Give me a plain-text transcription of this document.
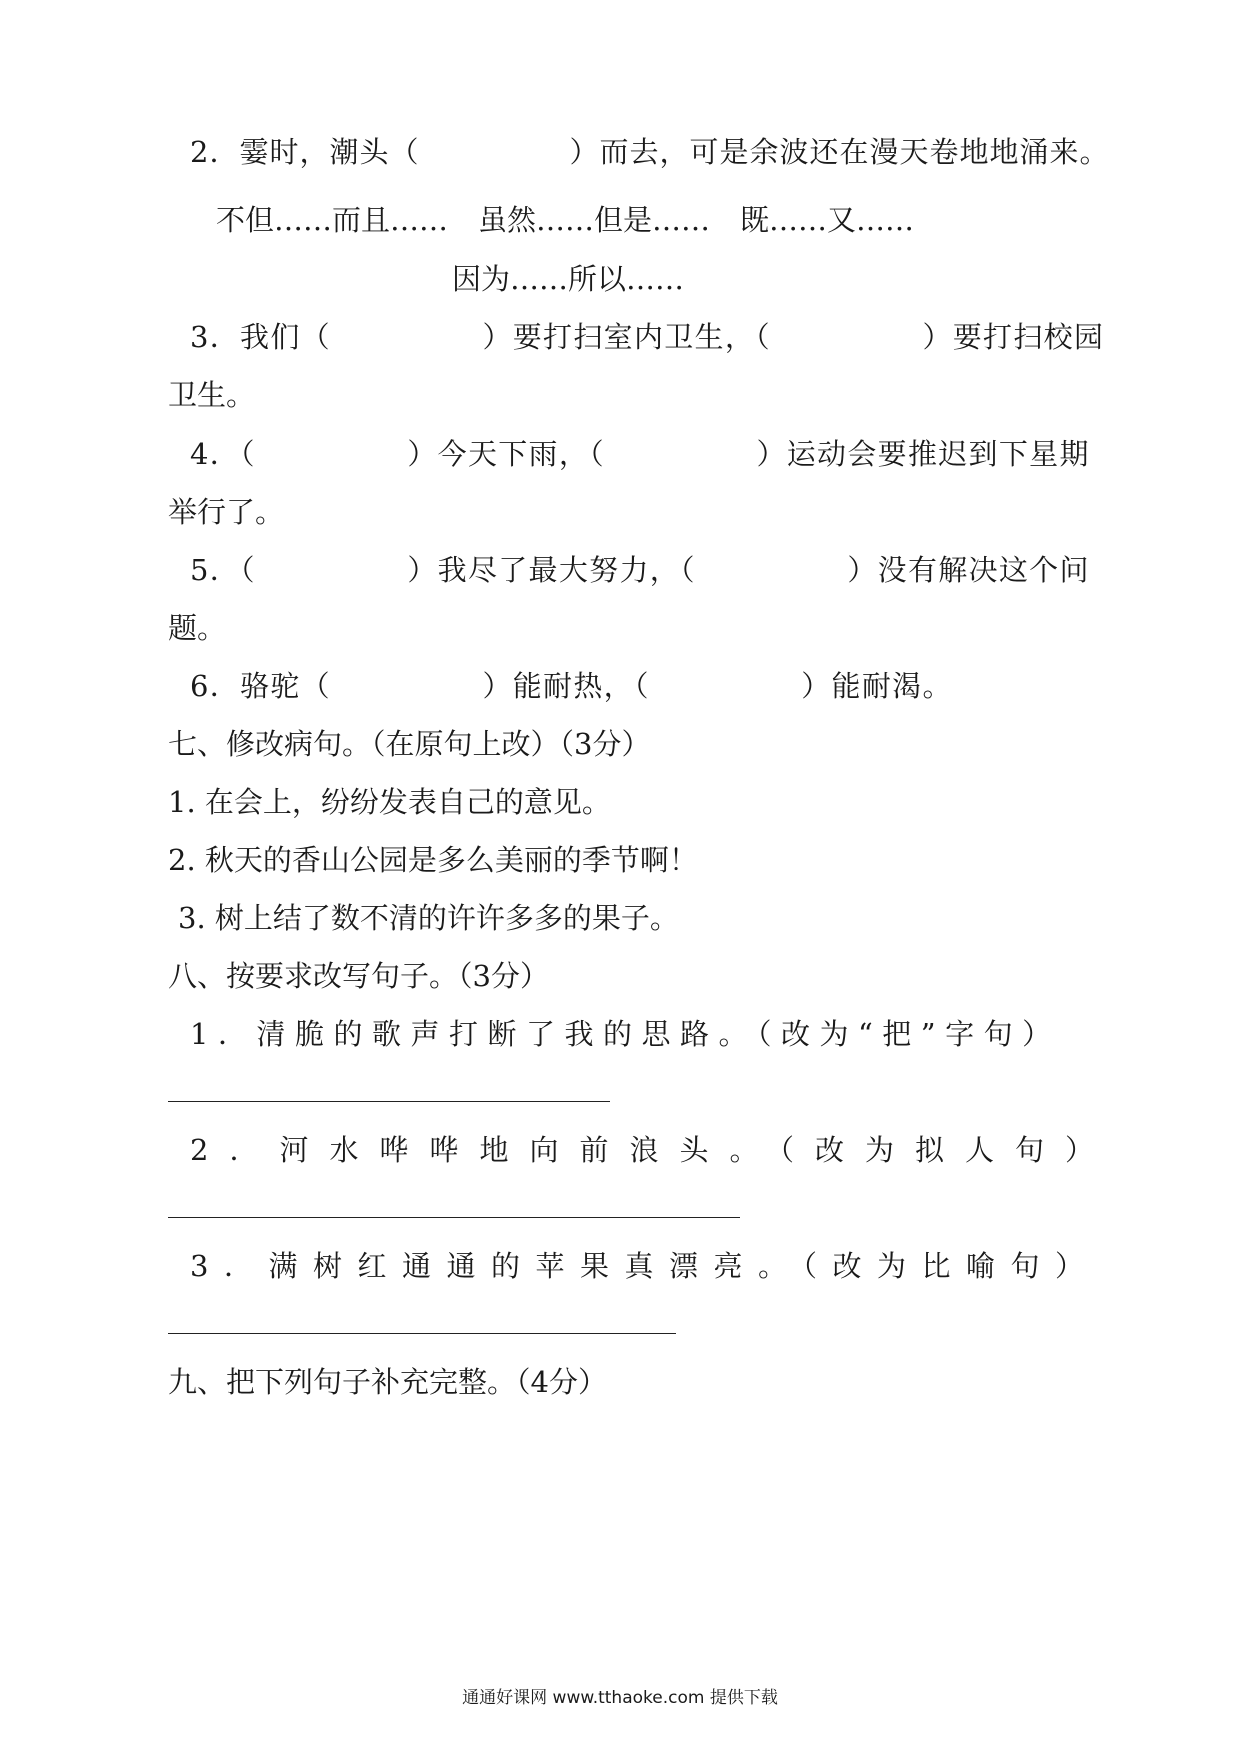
2．霎时，潮头（　　　　　）而去，可是余波还在漫天卷地地涌来。
不但……而且…… 虽然……但是…… 既……又……
因为……所以……
3．我们（　　　　　）要打扫室内卫生，（　　　　　）要打扫校园
卫生。
4．（　　　　　）今天下雨，（　　　　　）运动会要推迟到下星期
举行了。
5．（　　　　　）我尽了最大努力，（　　　　　）没有解决这个问
题。
6．骆驼（　　　　　）能耐热，（　　　　　）能耐渴。
七、修改病句。（在原句上改）（3分）
1. 在会上，纷纷发表自己的意见。
2. 秋天的香山公园是多么美丽的季节啊！
3. 树上结了数不清的许许多多的果子。
八、按要求改写句子。（3分）
1．清脆的歌声打断了我的思路。（改为“把”字句）
2．河水哗哗地向前浪头。（改为拟人句）
3．满树红通通的苹果真漂亮。（改为比喻句）
九、把下列句子补充完整。（4分）
通通好课网 www.tthaoke.com 提供下载
